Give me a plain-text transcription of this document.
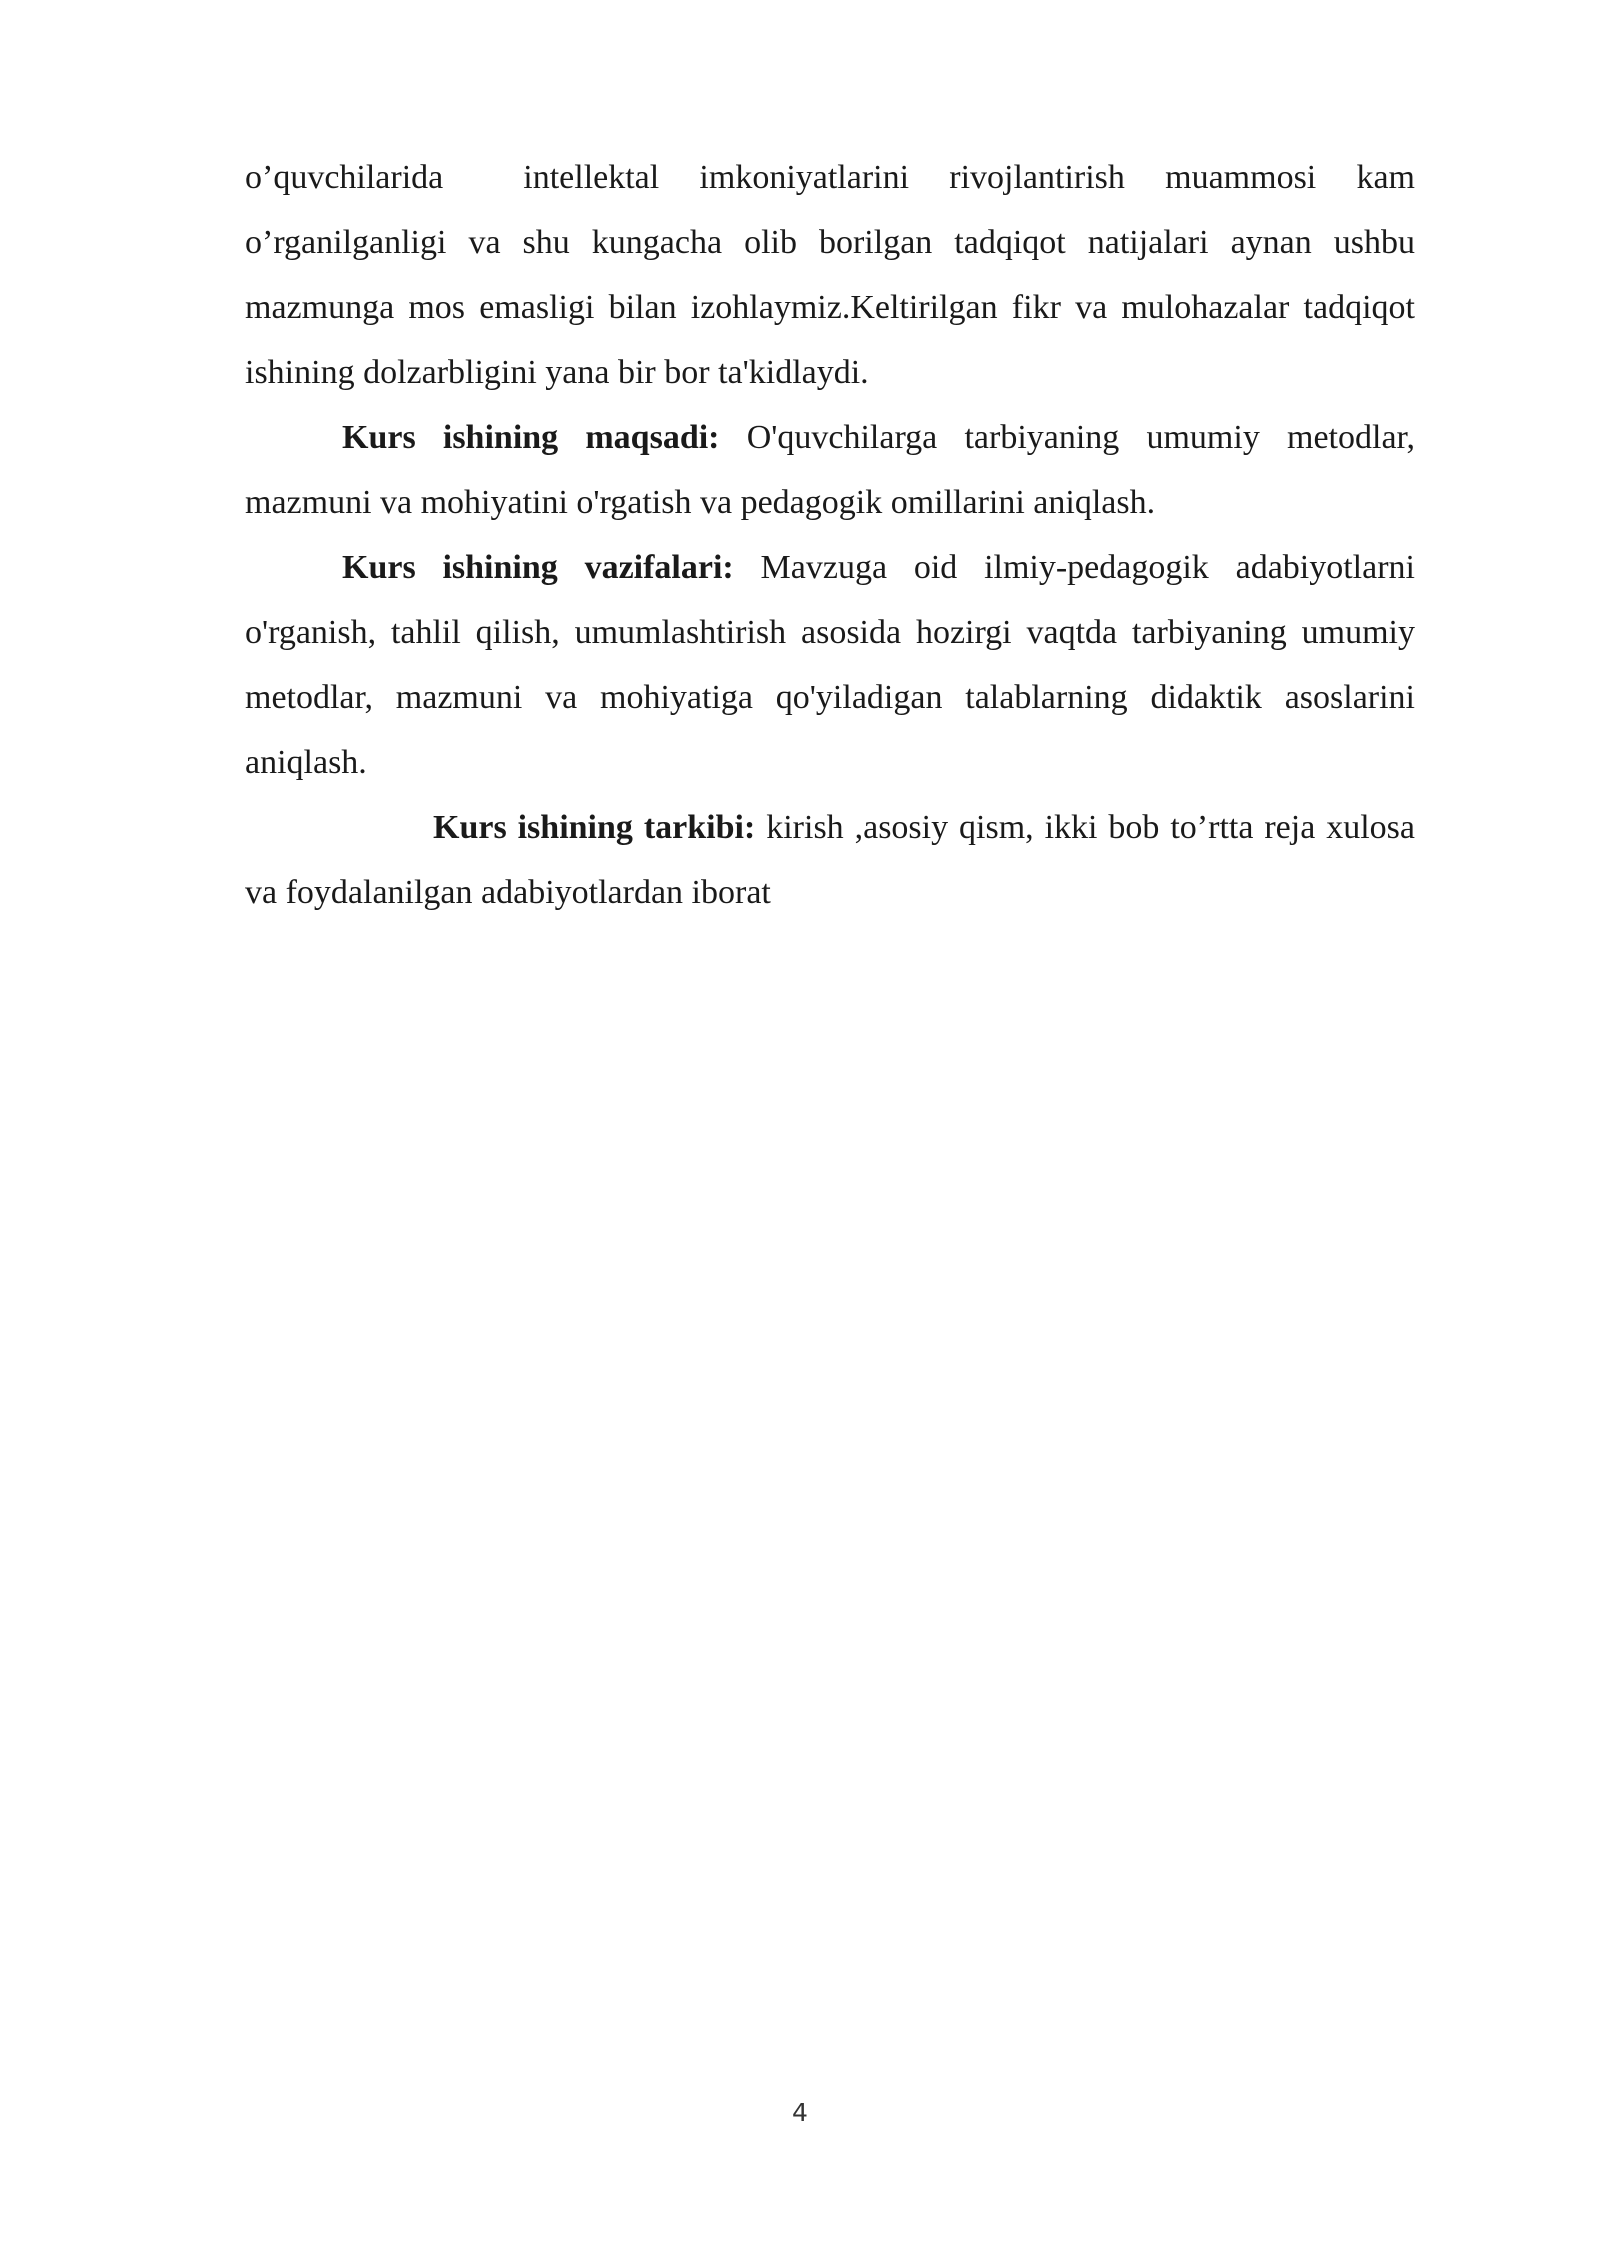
o’quvchilarida intellektal imkoniyatlarini rivojlantirish muammosi kam o’rganilganligi va shu kungacha olib borilgan tadqiqot natijalari aynan ushbu mazmunga mos emasligi bilan izohlaymiz.Keltirilgan fikr va mulohazalar tadqiqot ishining dolzarbligini yana bir bor ta'kidlaydi.

Kurs ishining maqsadi: O'quvchilarga tarbiyaning umumiy metodlar, mazmuni va mohiyatini o'rgatish va pedagogik omillarini aniqlash.

Kurs ishining vazifalari: Mavzuga oid ilmiy-pedagogik adabiyotlarni o'rganish, tahlil qilish, umumlashtirish asosida hozirgi vaqtda tarbiyaning umumiy metodlar, mazmuni va mohiyatiga qo'yiladigan talablarning didaktik asoslarini aniqlash.

Kurs ishining tarkibi: kirish ,asosiy qism, ikki bob to’rtta reja xulosa va foydalanilgan adabiyotlardan iborat

4
